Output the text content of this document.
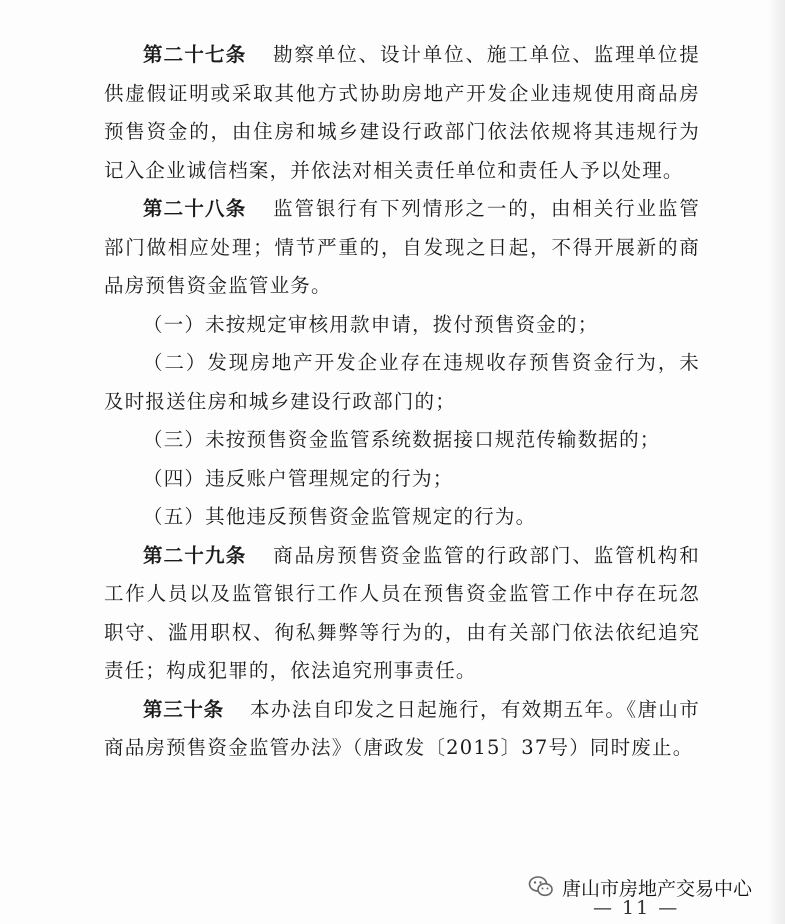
第二十七条 勘察单位、设计单位、施工单位、监理单位提供虚假证明或采取其他方式协助房地产开发企业违规使用商品房预售资金的，由住房和城乡建设行政部门依法依规将其违规行为记入企业诚信档案，并依法对相关责任单位和责任人予以处理。

第二十八条 监管银行有下列情形之一的，由相关行业监管部门做相应处理；情节严重的，自发现之日起，不得开展新的商品房预售资金监管业务。

（一）未按规定审核用款申请，拨付预售资金的；

（二）发现房地产开发企业存在违规收存预售资金行为，未及时报送住房和城乡建设行政部门的；

（三）未按预售资金监管系统数据接口规范传输数据的；

（四）违反账户管理规定的行为；

（五）其他违反预售资金监管规定的行为。

第二十九条 商品房预售资金监管的行政部门、监管机构和工作人员以及监管银行工作人员在预售资金监管工作中存在玩忽职守、滥用职权、徇私舞弊等行为的，由有关部门依法依纪追究责任；构成犯罪的，依法追究刑事责任。

第三十条 本办法自印发之日起施行，有效期五年。《唐山市商品房预售资金监管办法》（唐政发〔2015〕37号）同时废止。

唐山市房地产交易中心
— 11 —
